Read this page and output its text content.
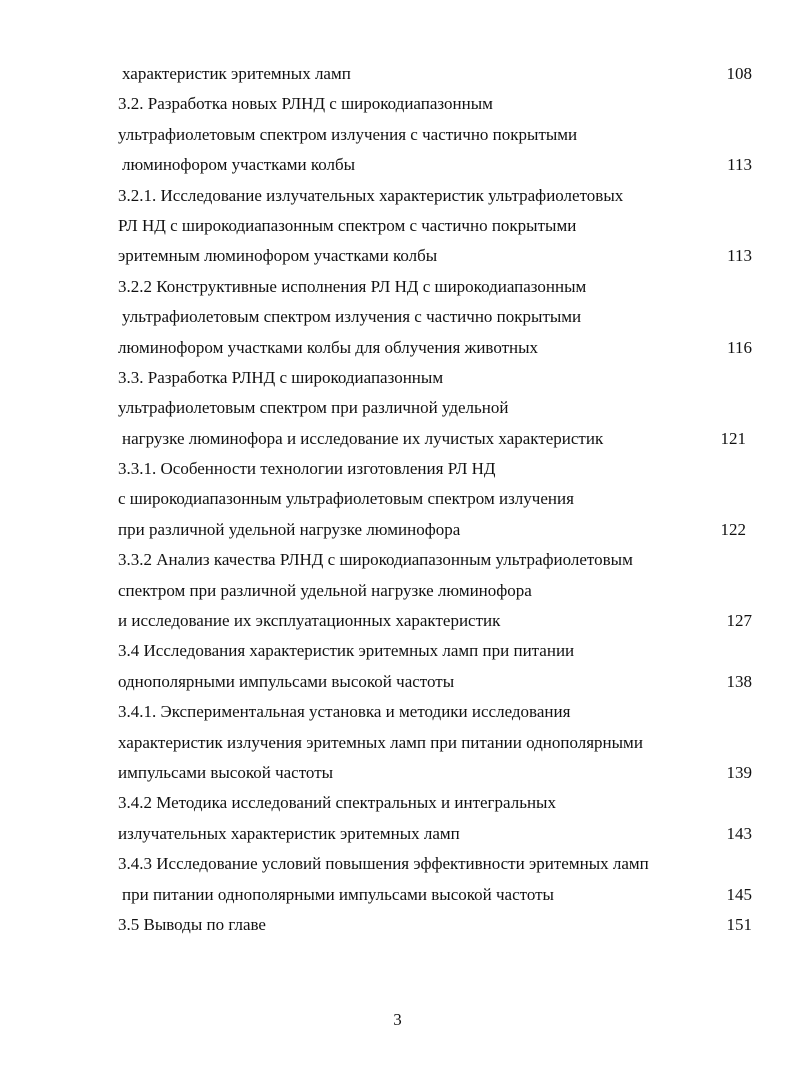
характеристик эритемных ламп	108
3.2. Разработка новых РЛНД с широкодиапазонным
ультрафиолетовым спектром излучения с частично покрытыми
люминофором участками колбы	113
3.2.1. Исследование излучательных характеристик ультрафиолетовых
РЛ НД с широкодиапазонным спектром с частично покрытыми
эритемным люминофором участками колбы	113
3.2.2 Конструктивные исполнения РЛ НД с широкодиапазонным
ультрафиолетовым спектром излучения с частично покрытыми
люминофором участками колбы для облучения животных	116
3.3. Разработка РЛНД с широкодиапазонным
ультрафиолетовым спектром при различной удельной
нагрузке люминофора и исследование их лучистых характеристик	121
3.3.1. Особенности технологии изготовления РЛ НД
с широкодиапазонным ультрафиолетовым спектром излучения
при различной удельной нагрузке люминофора	122
3.3.2 Анализ качества РЛНД с широкодиапазонным ультрафиолетовым
спектром при различной удельной нагрузке люминофора
и исследование их эксплуатационных характеристик	127
3.4 Исследования характеристик эритемных ламп при питании
однополярными импульсами высокой частоты	138
3.4.1. Экспериментальная установка и методики исследования
характеристик излучения эритемных ламп при питании однополярными
импульсами высокой частоты	139
3.4.2 Методика исследований спектральных и интегральных
излучательных характеристик эритемных ламп	143
3.4.3 Исследование условий повышения эффективности эритемных ламп
при питании однополярными импульсами высокой частоты	145
3.5 Выводы по главе	151
3
